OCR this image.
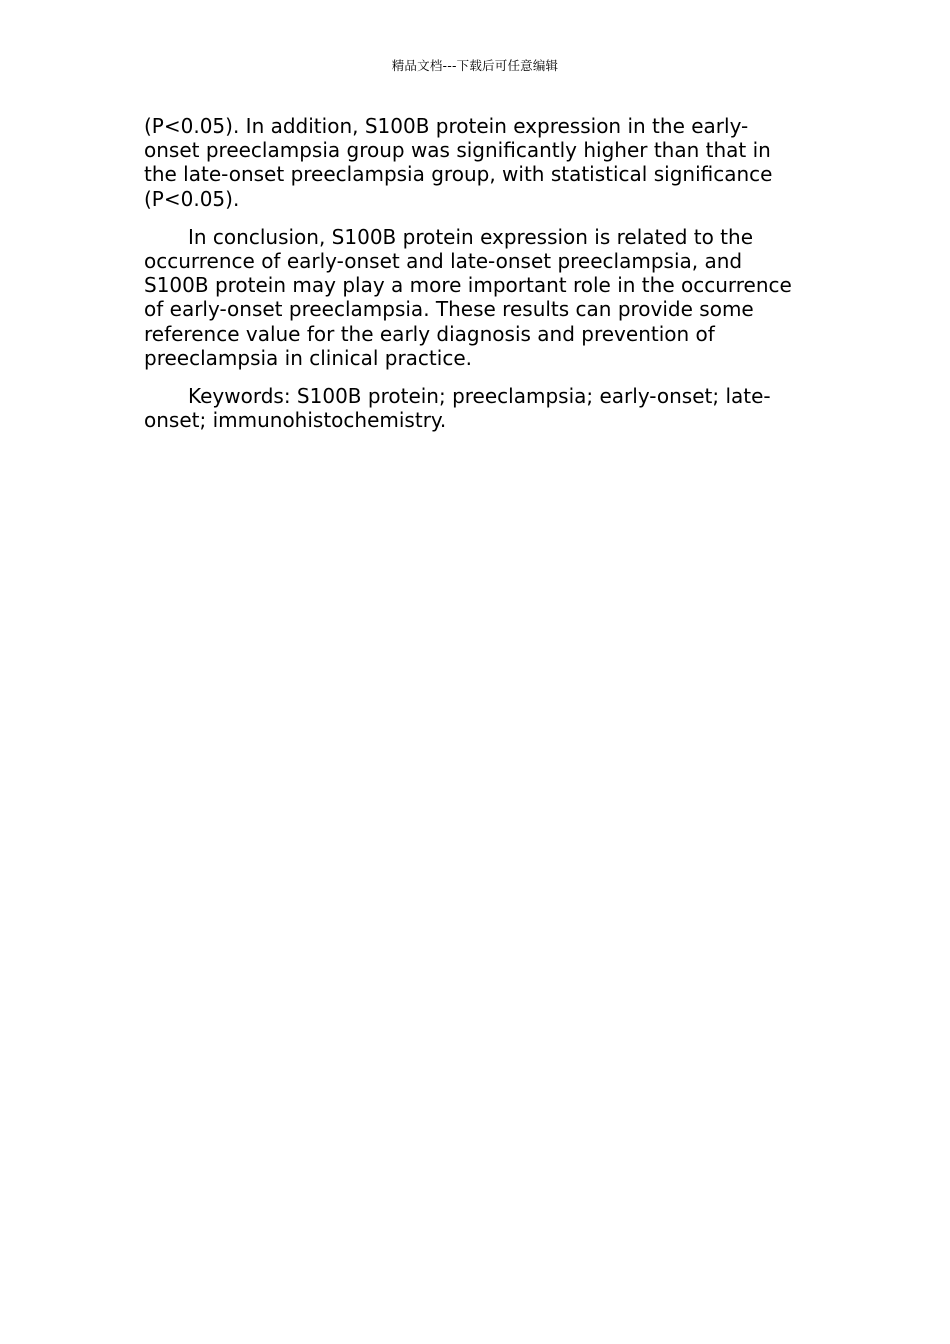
精品文档---下载后可任意编辑

(P<0.05). In addition, S100B protein expression in the early-onset preeclampsia group was significantly higher than that in the late-onset preeclampsia group, with statistical significance (P<0.05).

In conclusion, S100B protein expression is related to the occurrence of early-onset and late-onset preeclampsia, and S100B protein may play a more important role in the occurrence of early-onset preeclampsia. These results can provide some reference value for the early diagnosis and prevention of preeclampsia in clinical practice.

Keywords: S100B protein; preeclampsia; early-onset; late-onset; immunohistochemistry.
